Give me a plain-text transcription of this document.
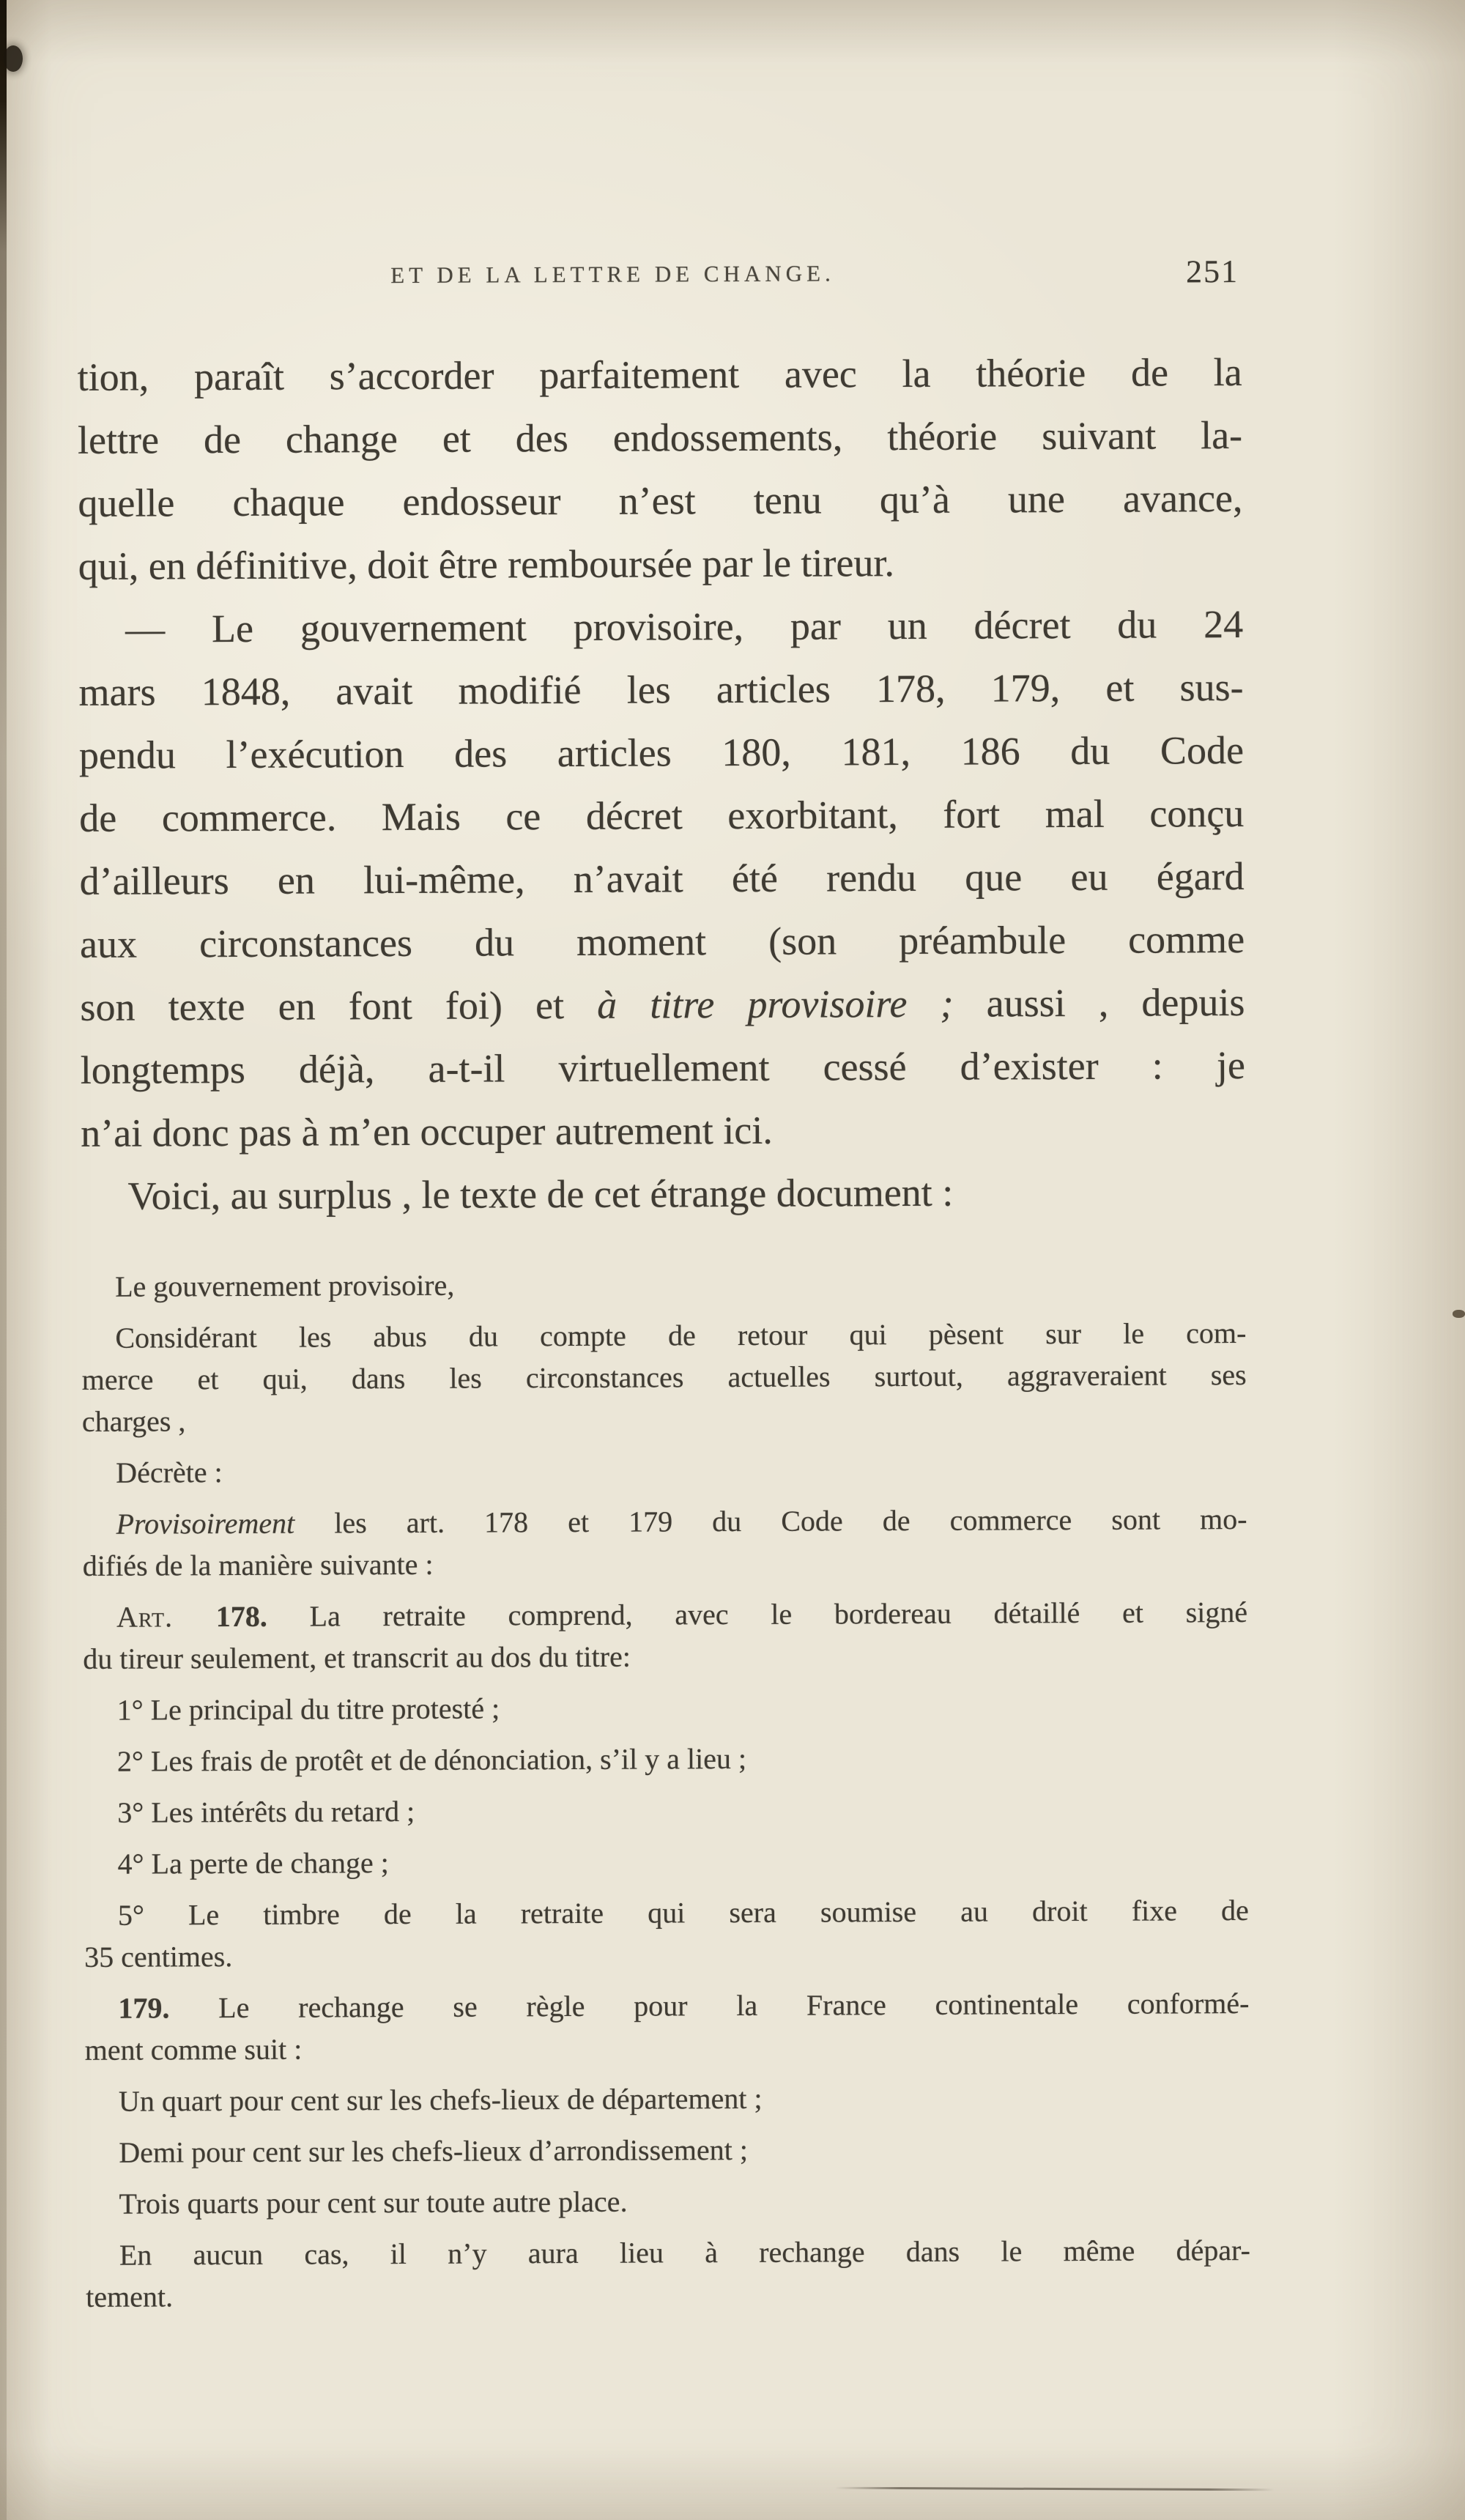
ET DE LA LETTRE DE CHANGE.	251
tion, paraît s’accorder parfaitement avec la théorie de la
lettre de change et des endossements, théorie suivant la-
quelle chaque endosseur n’est tenu qu’à une avance,
qui, en définitive, doit être remboursée par le tireur.
— Le gouvernement provisoire, par un décret du 24
mars 1848, avait modifié les articles 178, 179, et sus-
pendu l’exécution des articles 180, 181, 186 du Code
de commerce. Mais ce décret exorbitant, fort mal conçu
d’ailleurs en lui-même, n’avait été rendu que eu égard
aux circonstances du moment (son préambule comme
son texte en font foi) et à titre provisoire ; aussi , depuis
longtemps déjà, a-t-il virtuellement cessé d’exister : je
n’ai donc pas à m’en occuper autrement ici.
Voici, au surplus , le texte de cet étrange document :
Le gouvernement provisoire,
Considérant les abus du compte de retour qui pèsent sur le com-
merce et qui, dans les circonstances actuelles surtout, aggraveraient ses
charges ,
Décrète :
Provisoirement les art. 178 et 179 du Code de commerce sont mo-
difiés de la manière suivante :
Art. 178. La retraite comprend, avec le bordereau détaillé et signé
du tireur seulement, et transcrit au dos du titre:
1° Le principal du titre protesté ;
2° Les frais de protêt et de dénonciation, s’il y a lieu ;
3° Les intérêts du retard ;
4° La perte de change ;
5° Le timbre de la retraite qui sera soumise au droit fixe de
35 centimes.
179. Le rechange se règle pour la France continentale conformé-
ment comme suit :
Un quart pour cent sur les chefs-lieux de département ;
Demi pour cent sur les chefs-lieux d’arrondissement ;
Trois quarts pour cent sur toute autre place.
En aucun cas, il n’y aura lieu à rechange dans le même dépar-
tement.
